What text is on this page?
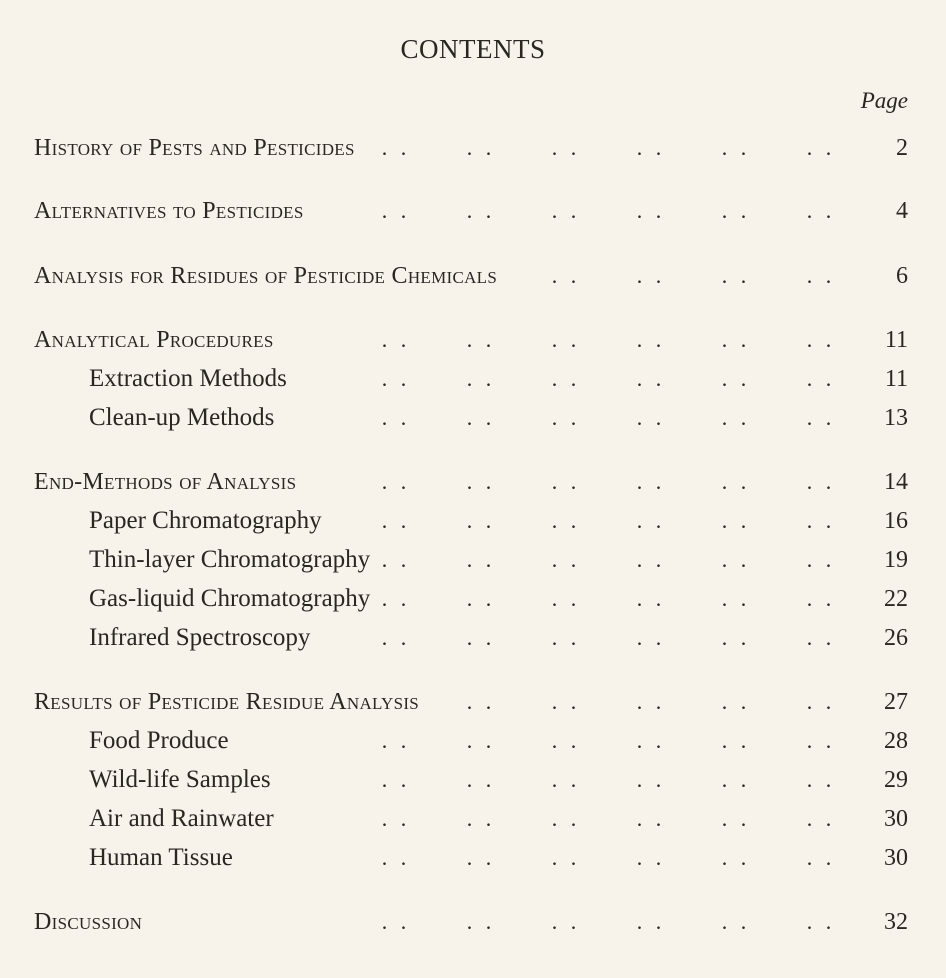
CONTENTS
Page
History of Pests and Pesticides	2
. .	. .	. .	. .	. .	. .
Alternatives to Pesticides	4
. .	. .	. .	. .	. .	. .
Analysis for Residues of Pesticide Chemicals	6
. .	. .	. .	. .
Analytical Procedures	11
. .	. .	. .	. .	. .	. .
Extraction Methods	11
. .	. .	. .	. .	. .	. .
Clean-up Methods	13
. .	. .	. .	. .	. .	. .
End-Methods of Analysis	14
. .	. .	. .	. .	. .	. .
Paper Chromatography	16
. .	. .	. .	. .	. .	. .
Thin-layer Chromatography	19
. .	. .	. .	. .	. .	. .
Gas-liquid Chromatography	22
. .	. .	. .	. .	. .	. .
Infrared Spectroscopy	26
. .	. .	. .	. .	. .	. .
Results of Pesticide Residue Analysis	27
. .	. .	. .	. .	. .
Food Produce	28
. .	. .	. .	. .	. .	. .
Wild-life Samples	29
. .	. .	. .	. .	. .	. .
Air and Rainwater	30
. .	. .	. .	. .	. .	. .
Human Tissue	30
. .	. .	. .	. .	. .	. .
Discussion	32
. .	. .	. .	. .	. .	. .
